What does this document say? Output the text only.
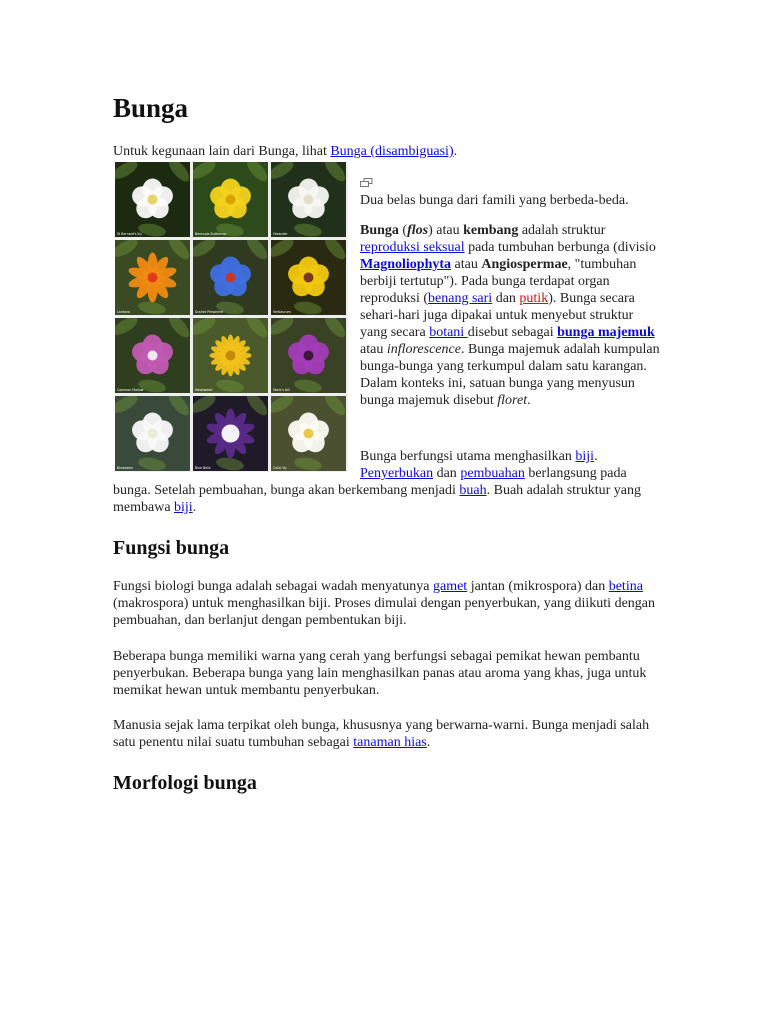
Bunga

Untuk kegunaan lain dari Bunga, lihat Bunga (disambiguasi).

St Bernard's lily	Bermuda Buttercup	Oleander
Lantana	Scarlet Pimpernel	Verbascum
Common Mallow	Hawkweed	Stork's bill
Bindweed	Blue Bells	Calla lily

Dua belas bunga dari famili yang berbeda-beda.

Bunga (flos) atau kembang adalah struktur reproduksi seksual pada tumbuhan berbunga (divisio Magnoliophyta atau Angiospermae, "tumbuhan berbiji tertutup"). Pada bunga terdapat organ reproduksi (benang sari dan putik). Bunga secara sehari-hari juga dipakai untuk menyebut struktur yang secara botani disebut sebagai bunga majemuk atau inflorescence. Bunga majemuk adalah kumpulan bunga-bunga yang terkumpul dalam satu karangan. Dalam konteks ini, satuan bunga yang menyusun bunga majemuk disebut floret.

Bunga berfungsi utama menghasilkan biji. Penyerbukan dan pembuahan berlangsung pada

bunga. Setelah pembuahan, bunga akan berkembang menjadi buah. Buah adalah struktur yang membawa biji.

Fungsi bunga

Fungsi biologi bunga adalah sebagai wadah menyatunya gamet jantan (mikrospora) dan betina (makrospora) untuk menghasilkan biji. Proses dimulai dengan penyerbukan, yang diikuti dengan pembuahan, dan berlanjut dengan pembentukan biji.

Beberapa bunga memiliki warna yang cerah yang berfungsi sebagai pemikat hewan pembantu penyerbukan. Beberapa bunga yang lain menghasilkan panas atau aroma yang khas, juga untuk memikat hewan untuk membantu penyerbukan.

Manusia sejak lama terpikat oleh bunga, khususnya yang berwarna-warni. Bunga menjadi salah satu penentu nilai suatu tumbuhan sebagai tanaman hias.

Morfologi bunga
